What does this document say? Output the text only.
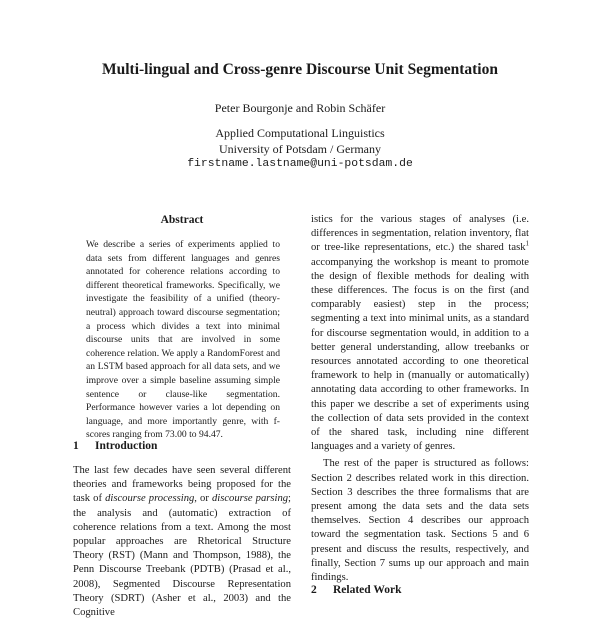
Multi-lingual and Cross-genre Discourse Unit Segmentation
Peter Bourgonje and Robin Schäfer
Applied Computational Linguistics
University of Potsdam / Germany
firstname.lastname@uni-potsdam.de
Abstract
We describe a series of experiments applied to data sets from different languages and genres annotated for coherence relations according to different theoretical frameworks. Specifically, we investigate the feasibility of a unified (theory-neutral) approach toward discourse segmentation; a process which divides a text into minimal discourse units that are involved in some coherence relation. We apply a RandomForest and an LSTM based approach for all data sets, and we improve over a simple baseline assuming simple sentence or clause-like segmentation. Performance however varies a lot depending on language, and more importantly genre, with f-scores ranging from 73.00 to 94.47.
1 Introduction
The last few decades have seen several different theories and frameworks being proposed for the task of discourse processing, or discourse parsing; the analysis and (automatic) extraction of coherence relations from a text. Among the most popular approaches are Rhetorical Structure Theory (RST) (Mann and Thompson, 1988), the Penn Discourse Treebank (PDTB) (Prasad et al., 2008), Segmented Discourse Representation Theory (SDRT) (Asher et al., 2003) and the Cognitive

istics for the various stages of analyses (i.e. differences in segmentation, relation inventory, flat or tree-like representations, etc.) the shared task$^1$ accompanying the workshop is meant to promote the design of flexible methods for dealing with these differences. The focus is on the first (and comparably easiest) step in the process; segmenting a text into minimal units, as a standard for discourse segmentation would, in addition to a better general understanding, allow treebanks or resources annotated according to one theoretical framework to help in (manually or automatically) annotating data according to other frameworks. In this paper we describe a set of experiments using the collection of data sets provided in the context of the shared task, including nine different languages and a variety of genres.

The rest of the paper is structured as follows: Section 2 describes related work in this direction. Section 3 describes the three formalisms that are present among the data sets and the data sets themselves. Section 4 describes our approach toward the segmentation task. Sections 5 and 6 present and discuss the results, respectively, and finally, Section 7 sums up our approach and main findings.

2 Related Work
